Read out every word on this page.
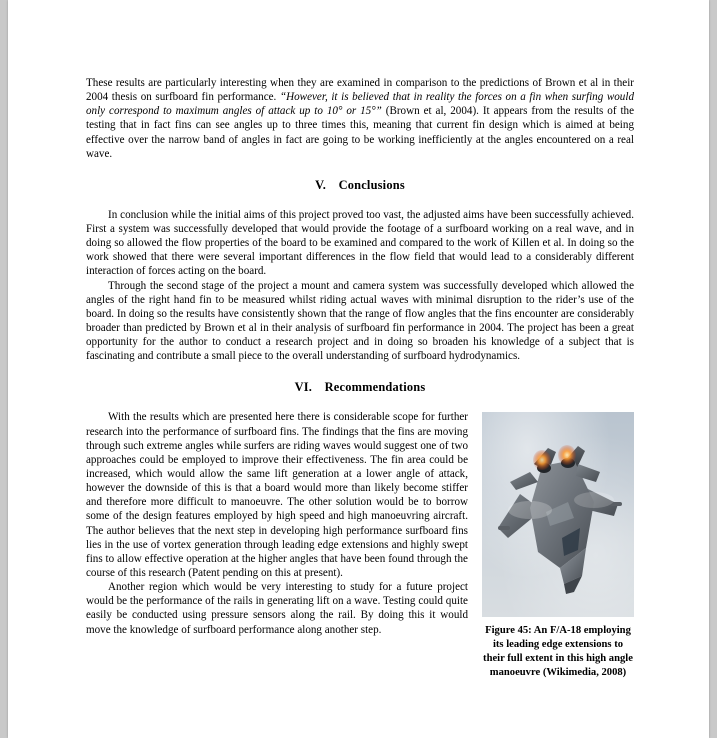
These results are particularly interesting when they are examined in comparison to the predictions of Brown et al in their 2004 thesis on surfboard fin performance. “However, it is believed that in reality the forces on a fin when surfing would only correspond to maximum angles of attack up to 10° or 15°” (Brown et al, 2004). It appears from the results of the testing that in fact fins can see angles up to three times this, meaning that current fin design which is aimed at being effective over the narrow band of angles in fact are going to be working inefficiently at the angles encountered on a real wave.

V. Conclusions

In conclusion while the initial aims of this project proved too vast, the adjusted aims have been successfully achieved. First a system was successfully developed that would provide the footage of a surfboard working on a real wave, and in doing so allowed the flow properties of the board to be examined and compared to the work of Killen et al. In doing so the work showed that there were several important differences in the flow field that would lead to a considerably different interaction of forces acting on the board.

Through the second stage of the project a mount and camera system was successfully developed which allowed the angles of the right hand fin to be measured whilst riding actual waves with minimal disruption to the rider’s use of the board. In doing so the results have consistently shown that the range of flow angles that the fins encounter are considerably broader than predicted by Brown et al in their analysis of surfboard fin performance in 2004. The project has been a great opportunity for the author to conduct a research project and in doing so broaden his knowledge of a subject that is fascinating and contribute a small piece to the overall understanding of surfboard hydrodynamics.

VI. Recommendations
Figure 45: An F/A-18 employing its leading edge extensions to their full extent in this high angle manoeuvre (Wikimedia, 2008)

With the results which are presented here there is considerable scope for further research into the performance of surfboard fins. The findings that the fins are moving through such extreme angles while surfers are riding waves would suggest one of two approaches could be employed to improve their effectiveness. The fin area could be increased, which would allow the same lift generation at a lower angle of attack, however the downside of this is that a board would more than likely become stiffer and therefore more difficult to manoeuvre. The other solution would be to borrow some of the design features employed by high speed and high manoeuvring aircraft. The author believes that the next step in developing high performance surfboard fins lies in the use of vortex generation through leading edge extensions and highly swept fins to allow effective operation at the higher angles that have been found through the course of this research (Patent pending on this at present).

Another region which would be very interesting to study for a future project would be the performance of the rails in generating lift on a wave. Testing could quite easily be conducted using pressure sensors along the rail. By doing this it would move the knowledge of surfboard performance along another step.
